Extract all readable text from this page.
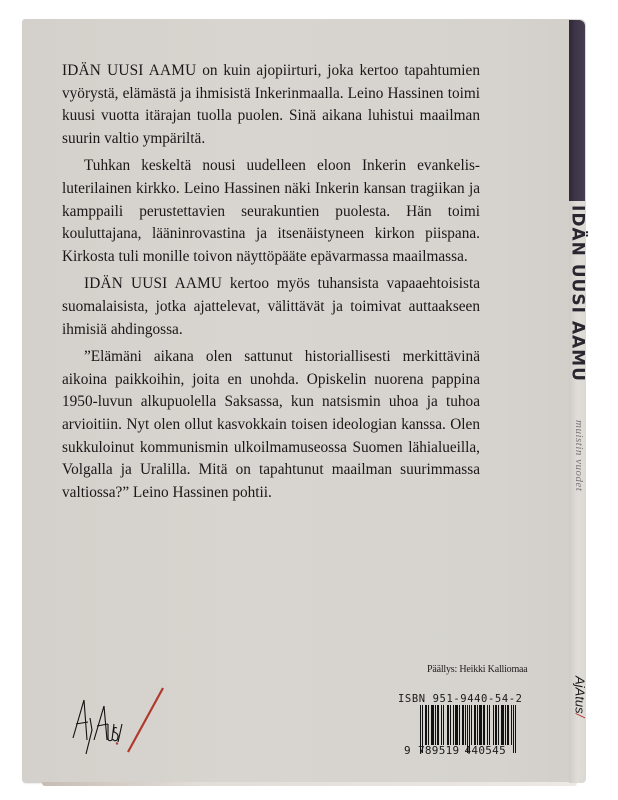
IDÄN UUSI AAMU
muistin vuodet
AjAtus/

IDÄN UUSI AAMU on kuin ajopiirturi, joka kertoo tapahtumien vyörystä, elämästä ja ihmisistä Inkerinmaalla. Leino Hassinen toimi kuusi vuotta itärajan tuolla puolen. Sinä aikana luhistui maailman suurin valtio ympäriltä.

Tuhkan keskeltä nousi uudelleen eloon Inkerin evankelis-luterilainen kirkko. Leino Hassinen näki Inkerin kansan tragiikan ja kamppaili perustettavien seurakuntien puolesta. Hän toimi kouluttajana, lääninrovastina ja itsenäistyneen kirkon piispana. Kirkosta tuli monille toivon näyttöpääte epävarmassa maailmassa.

IDÄN UUSI AAMU kertoo myös tuhansista vapaaehtoisista suomalaisista, jotka ajattelevat, välittävät ja toimivat auttaakseen ihmisiä ahdingossa.

”Elämäni aikana olen sattunut historiallisesti merkittävinä aikoina paikkoihin, joita en unohda. Opiskelin nuorena pappina 1950-luvun alkupuolella Saksassa, kun natsismin uhoa ja tuhoa arvioitiin. Nyt olen ollut kasvokkain toisen ideologian kanssa. Olen sukkuloinut kommunismin ulkoilmamuseossa Suomen lähialueilla, Volgalla ja Uralilla. Mitä on tapahtunut maailman suurimmassa valtiossa?” Leino Hassinen pohtii.

Päällys: Heikki Kalliomaa
ISBN 951-9440-54-2
9 789519 440545
